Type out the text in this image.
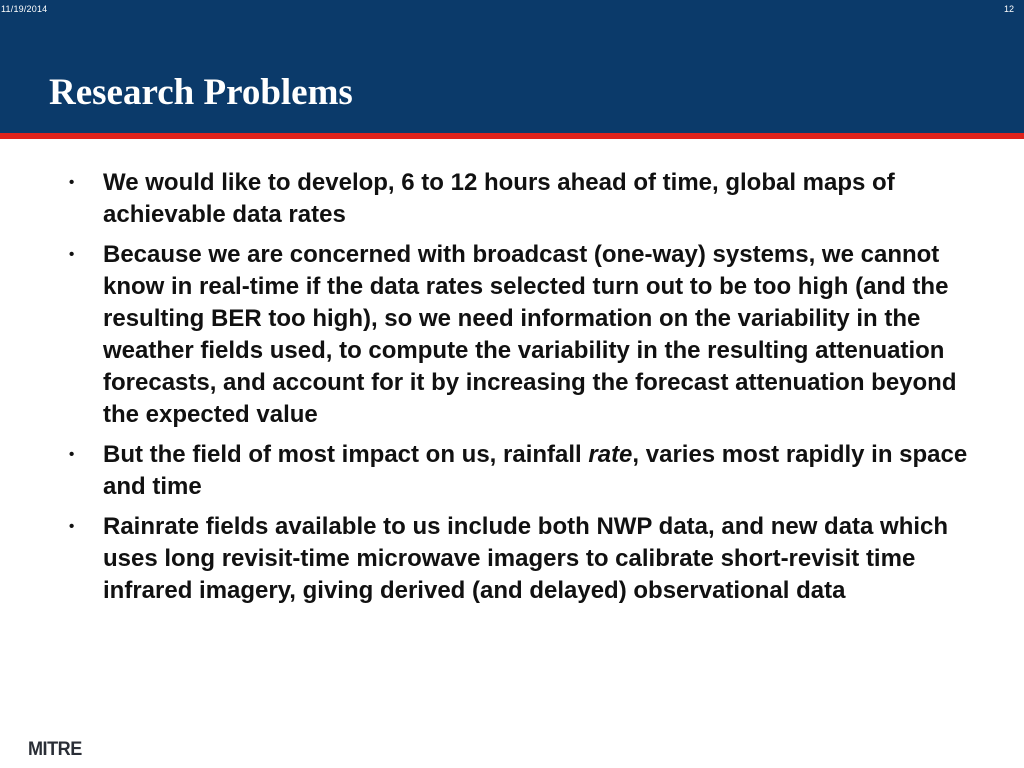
11/19/2014	12
Research Problems
• We would like to develop, 6 to 12 hours ahead of time, global maps of achievable data rates
• Because we are concerned with broadcast (one-way) systems, we cannot know in real-time if the data rates selected turn out to be too high (and the resulting BER too high), so we need information on the variability in the weather fields used, to compute the variability in the resulting attenuation forecasts, and account for it by increasing the forecast attenuation beyond the expected value
• But the field of most impact on us, rainfall rate, varies most rapidly in space and time
• Rainrate fields available to us include both NWP data, and new data which uses long revisit-time microwave imagers to calibrate short-revisit time infrared imagery, giving derived (and delayed) observational data
MITRE
